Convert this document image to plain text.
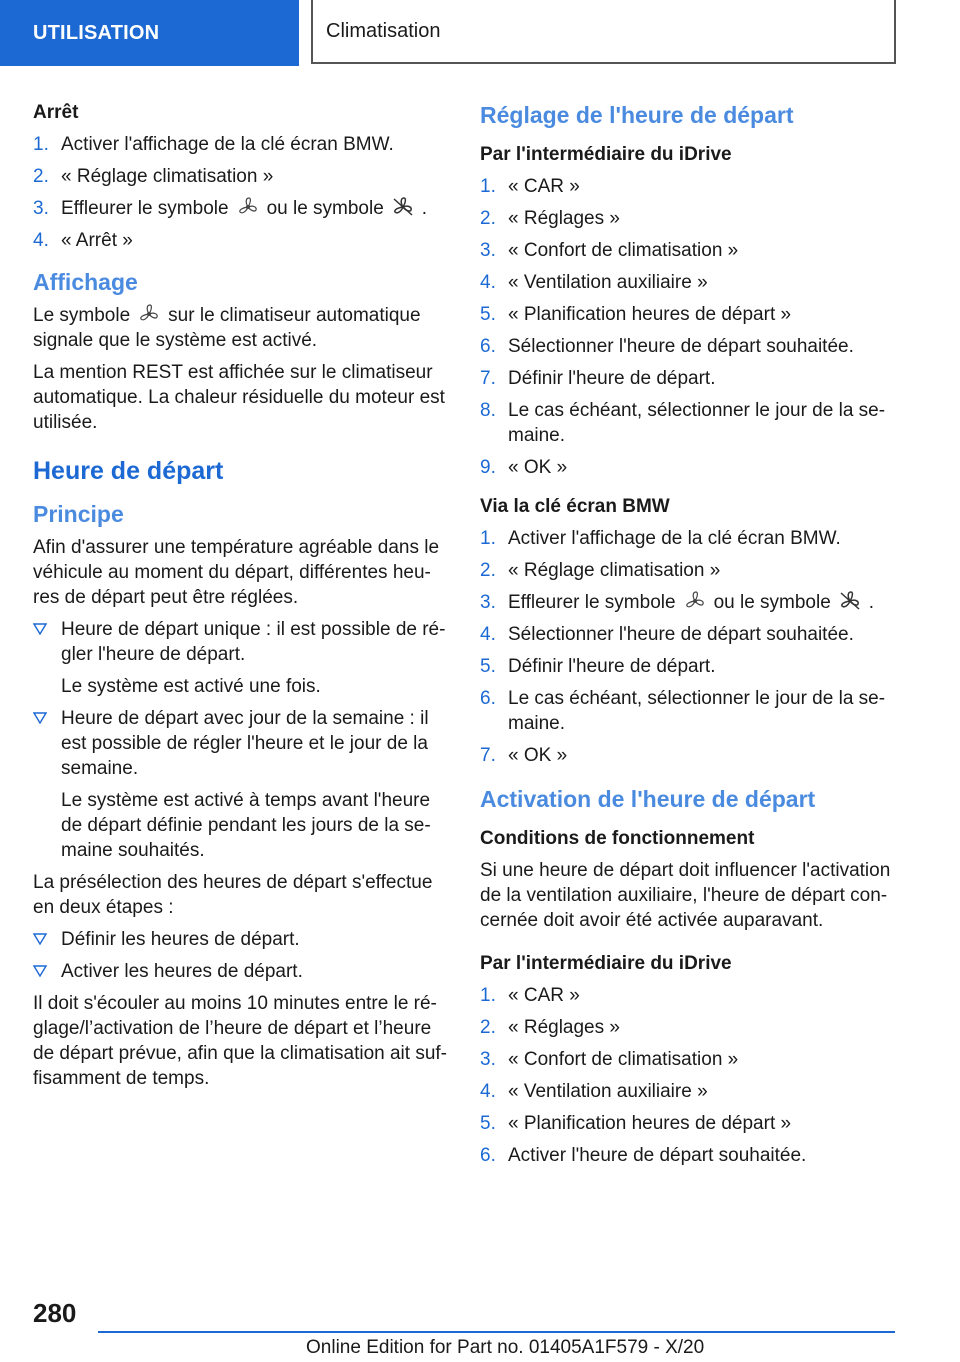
UTILISATION	Climatisation
Arrêt
1. Activer l'affichage de la clé écran BMW.
2. « Réglage climatisation »
3. Effleurer le symbole ou le symbole .
4. « Arrêt »
Affichage

Le symbole sur le climatiseur automatique signale que le système est activé.

La mention REST est affichée sur le climatiseur automatique. La chaleur résiduelle du moteur est utilisée.

Heure de départ
Principe

Afin d'assurer une température agréable dans le véhicule au moment du départ, différentes heu-res de départ peut être réglées.

Heure de départ unique : il est possible de ré-gler l'heure de départ.
Le système est activé une fois.
Heure de départ avec jour de la semaine : il est possible de régler l'heure et le jour de la semaine.
Le système est activé à temps avant l'heure de départ définie pendant les jours de la se-maine souhaités.

La présélection des heures de départ s'effectue en deux étapes :

Définir les heures de départ.
Activer les heures de départ.

Il doit s'écouler au moins 10 minutes entre le ré-glage/l’activation de l’heure de départ et l’heure de départ prévue, afin que la climatisation ait suf-fisamment de temps.

Réglage de l'heure de départ
Par l'intermédiaire du iDrive
1. « CAR »
2. « Réglages »
3. « Confort de climatisation »
4. « Ventilation auxiliaire »
5. « Planification heures de départ »
6. Sélectionner l'heure de départ souhaitée.
7. Définir l'heure de départ.
8. Le cas échéant, sélectionner le jour de la se-maine.
9. « OK »
Via la clé écran BMW
1. Activer l'affichage de la clé écran BMW.
2. « Réglage climatisation »
3. Effleurer le symbole ou le symbole .
4. Sélectionner l'heure de départ souhaitée.
5. Définir l'heure de départ.
6. Le cas échéant, sélectionner le jour de la se-maine.
7. « OK »
Activation de l'heure de départ
Conditions de fonctionnement

Si une heure de départ doit influencer l'activation de la ventilation auxiliaire, l'heure de départ con-cernée doit avoir été activée auparavant.

Par l'intermédiaire du iDrive
1. « CAR »
2. « Réglages »
3. « Confort de climatisation »
4. « Ventilation auxiliaire »
5. « Planification heures de départ »
6. Activer l'heure de départ souhaitée.
280
Online Edition for Part no. 01405A1F579 - X/20
